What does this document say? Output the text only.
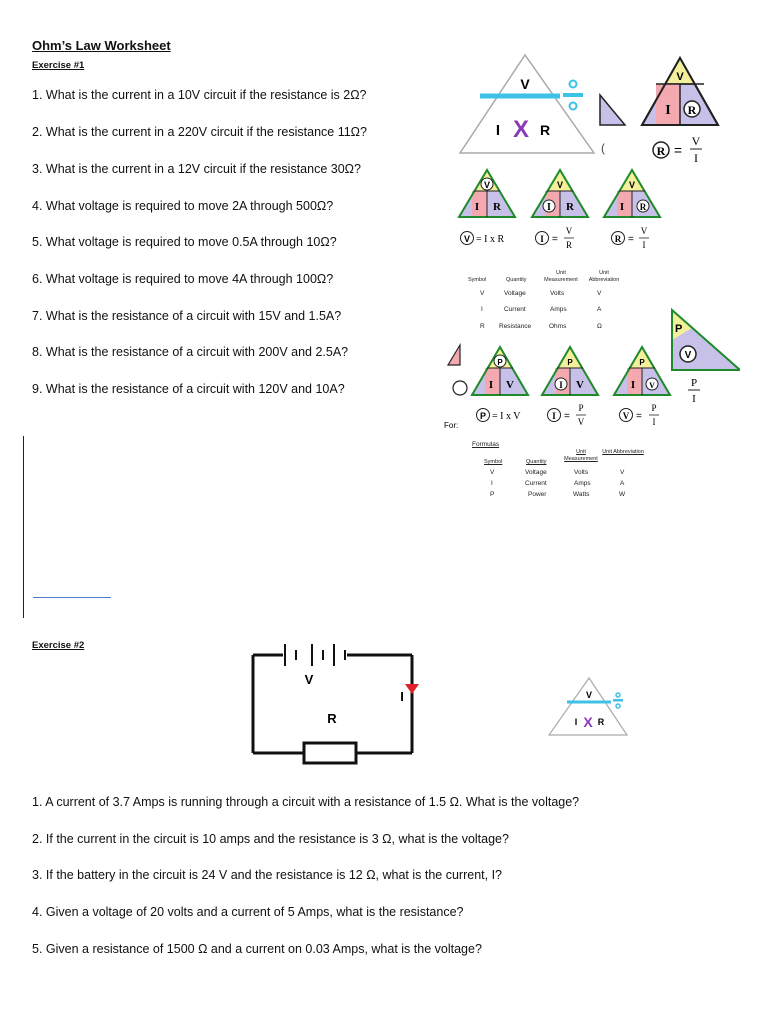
Ohm’s Law Worksheet
Exercise #1
1. What is the current in a 10V circuit if the resistance is 2Ω?
2. What is the current in a 220V circuit if the resistance 11Ω?
3. What is the current in a 12V circuit if the resistance 30Ω?
4. What voltage is required to move 2A through 500Ω?
5. What voltage is required to move 0.5A through 10Ω?
6. What voltage is required to move 4A through 100Ω?
7. What is the resistance of a circuit with 15V and 1.5A?
8. What is the resistance of a circuit with 200V and 2.5A?
9. What is the resistance of a circuit with 120V and 10A?
V
I X R
(
V
I R
R =
V
I
V
I R
V
I R
V
I R
V = I x R	I =
V
R
R =
V
I
P
V
P
I
For:
P
I V
P
I V
P
I V
P = I x V	I =
P
V
V =
P
I
Symbol	Quantity
Unit Measurement
Unit Abbreviation
V	Voltage	Volts	V
I	Current	Amps	A
R Resistance	Ohms	Ω
Formulas
Symbol	Quantity
Unit Measurement
Unit Abbreviation
V	Voltage	Volts	V
I	Current	Amps	A
P	Power	Watts	W
Exercise #2
V
R
I	V
I X R
1. A current of 3.7 Amps is running through a circuit with a resistance of 1.5 Ω. What is the voltage?
2. If the current in the circuit is 10 amps and the resistance is 3 Ω, what is the voltage?
3. If the battery in the circuit is 24 V and the resistance is 12 Ω, what is the current, I?
4. Given a voltage of 20 volts and a current of 5 Amps, what is the resistance?
5. Given a resistance of 1500 Ω and a current on 0.03 Amps, what is the voltage?
